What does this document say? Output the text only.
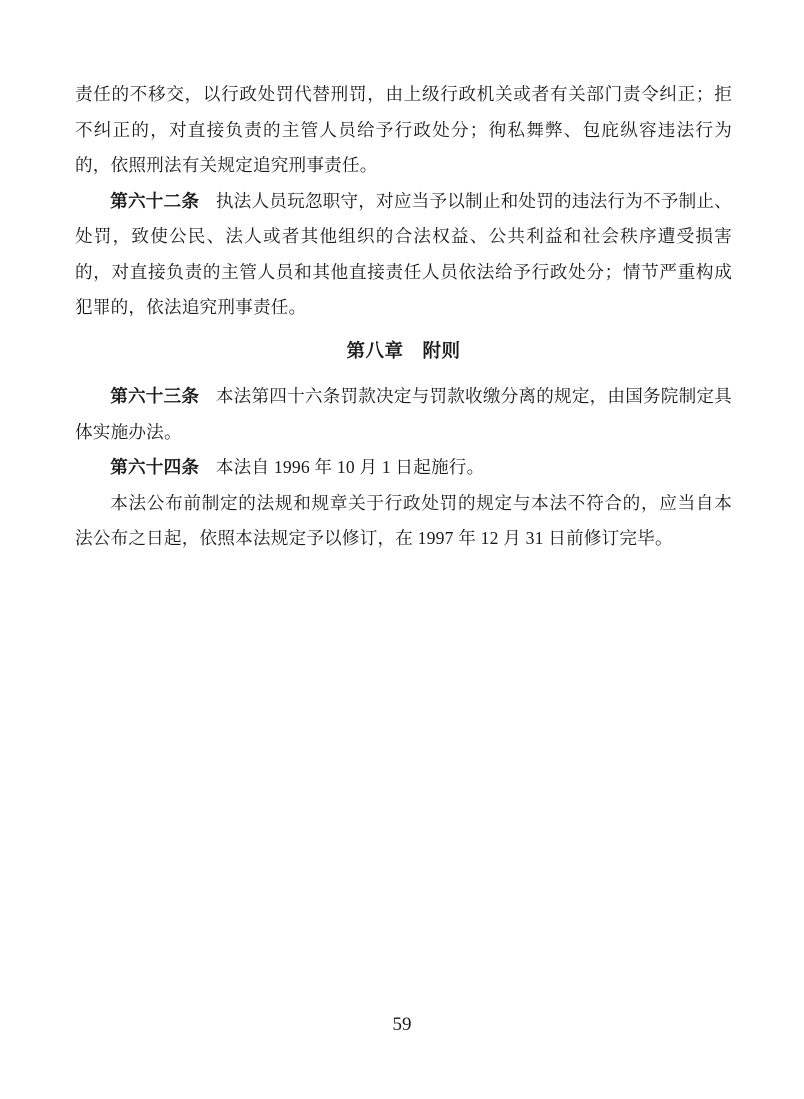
责任的不移交，以行政处罚代替刑罚，由上级行政机关或者有关部门责令纠正；拒不纠正的，对直接负责的主管人员给予行政处分；徇私舞弊、包庇纵容违法行为的，依照刑法有关规定追究刑事责任。

第六十二条 执法人员玩忽职守，对应当予以制止和处罚的违法行为不予制止、处罚，致使公民、法人或者其他组织的合法权益、公共利益和社会秩序遭受损害的，对直接负责的主管人员和其他直接责任人员依法给予行政处分；情节严重构成犯罪的，依法追究刑事责任。

第八章　附则

第六十三条 本法第四十六条罚款决定与罚款收缴分离的规定，由国务院制定具体实施办法。

第六十四条 本法自 1996 年 10 月 1 日起施行。

本法公布前制定的法规和规章关于行政处罚的规定与本法不符合的，应当自本法公布之日起，依照本法规定予以修订，在 1997 年 12 月 31 日前修订完毕。

59
